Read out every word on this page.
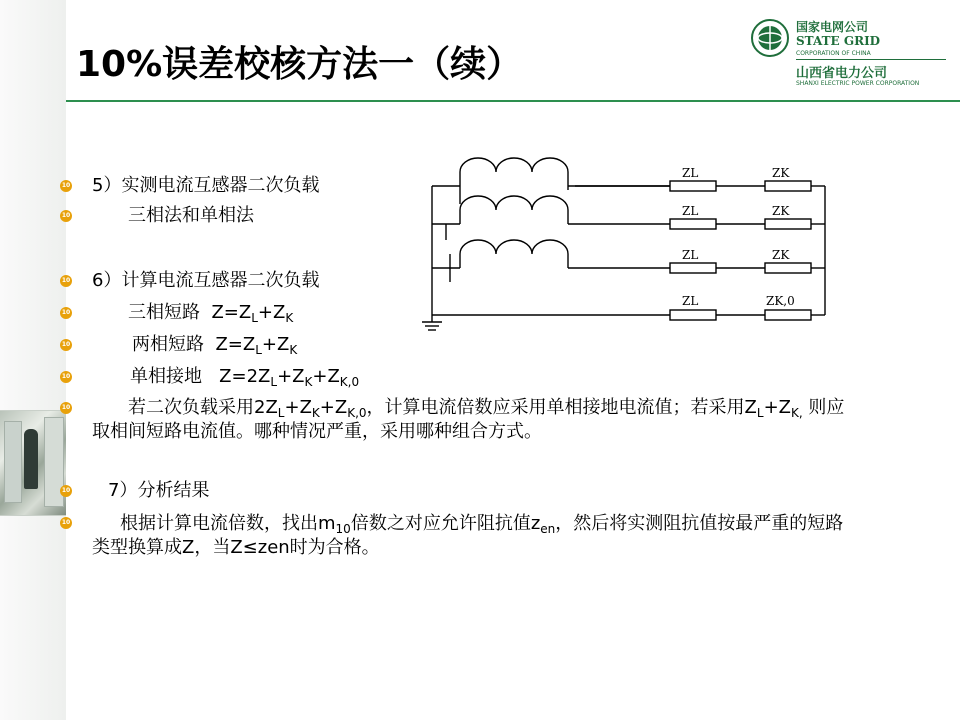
10%误差校核方法一（续）
国家电网公司
STATE GRID
CORPORATION OF CHINA
山西省电力公司
SHANXI ELECTRIC POWER CORPORATION
10
10
10
10
10
10
10
10
10
5）实测电流互感器二次负载
三相法和单相法
6）计算电流互感器二次负载
三相短路 $Z=Z_L+Z_K$
两相短路 $Z=Z_L+Z_K$
单相接地 $Z=2Z_L+Z_K+Z_{K,0}$
若二次负载采用$2Z_L+Z_K+Z_{K,0}$，计算电流倍数应采用单相接地电流值；若采用$Z_L+Z_{K,}$ 则应取相间短路电流值。哪种情况严重，采用哪种组合方式。
7）分析结果
根据计算电流倍数，找出$m_{10}$倍数之对应允许阻抗值$z_{en}$，然后将实测阻抗值按最严重的短路类型换算成Z，当Z≤zen时为合格。
ZL	ZK
ZL	ZK
ZL	ZK
ZL	ZK,0
